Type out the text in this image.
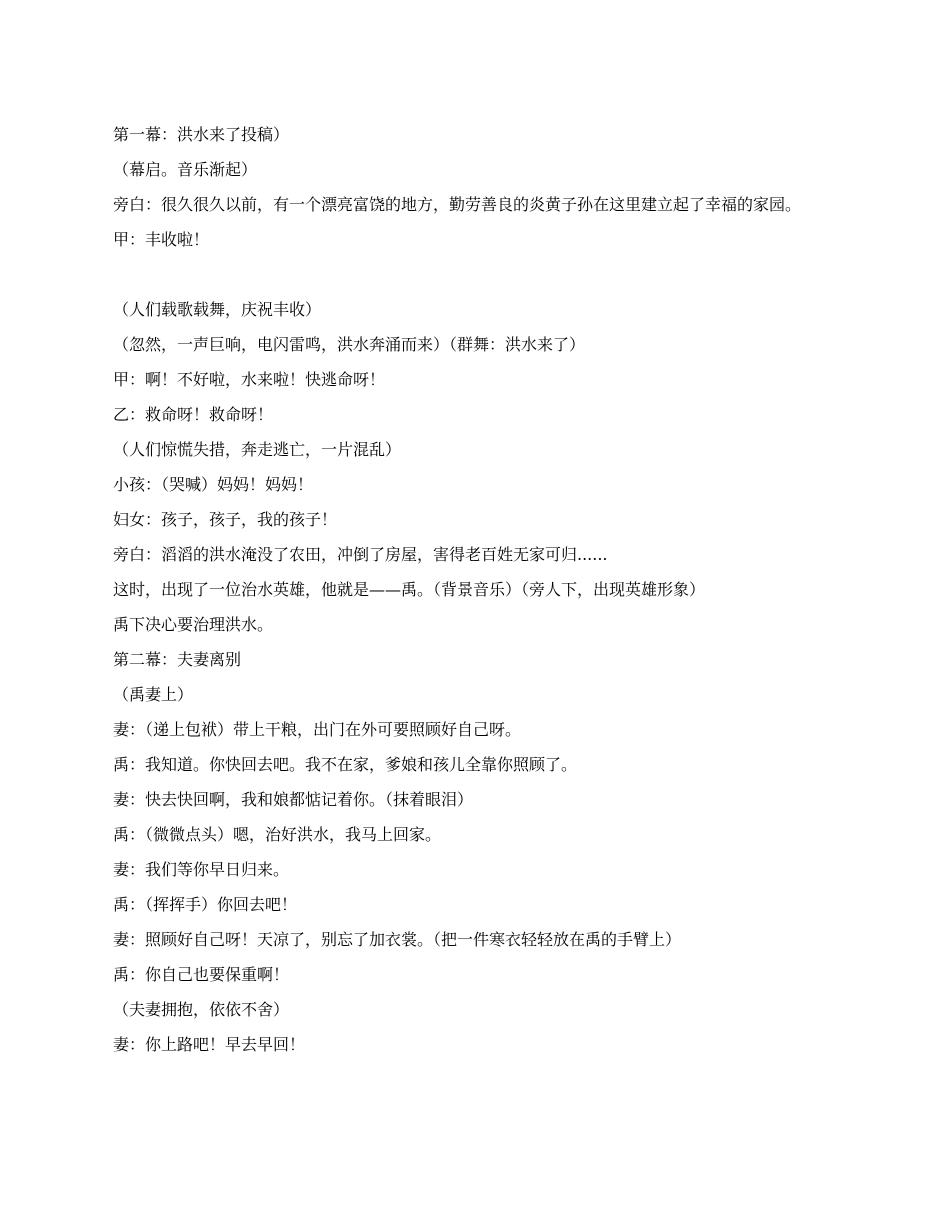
第一幕：洪水来了投稿）

（幕启。音乐渐起）

旁白：很久很久以前，有一个漂亮富饶的地方，勤劳善良的炎黄子孙在这里建立起了幸福的家园。

甲：丰收啦！

（人们载歌载舞，庆祝丰收）

（忽然，一声巨响，电闪雷鸣，洪水奔涌而来）（群舞：洪水来了）

甲：啊！不好啦，水来啦！快逃命呀！

乙：救命呀！救命呀！

（人们惊慌失措，奔走逃亡，一片混乱）

小孩：（哭喊）妈妈！妈妈！

妇女：孩子，孩子，我的孩子！

旁白：滔滔的洪水淹没了农田，冲倒了房屋，害得老百姓无家可归......

这时，出现了一位治水英雄，他就是——禹。（背景音乐）（旁人下，出现英雄形象）

禹下决心要治理洪水。

第二幕：夫妻离别

（禹妻上）

妻：（递上包袱）带上干粮，出门在外可要照顾好自己呀。

禹：我知道。你快回去吧。我不在家，爹娘和孩儿全靠你照顾了。

妻：快去快回啊，我和娘都惦记着你。（抹着眼泪）

禹：（微微点头）嗯，治好洪水，我马上回家。

妻：我们等你早日归来。

禹：（挥挥手）你回去吧！

妻：照顾好自己呀！天凉了，别忘了加衣裳。（把一件寒衣轻轻放在禹的手臂上）

禹：你自己也要保重啊！

（夫妻拥抱，依依不舍）

妻：你上路吧！早去早回！
